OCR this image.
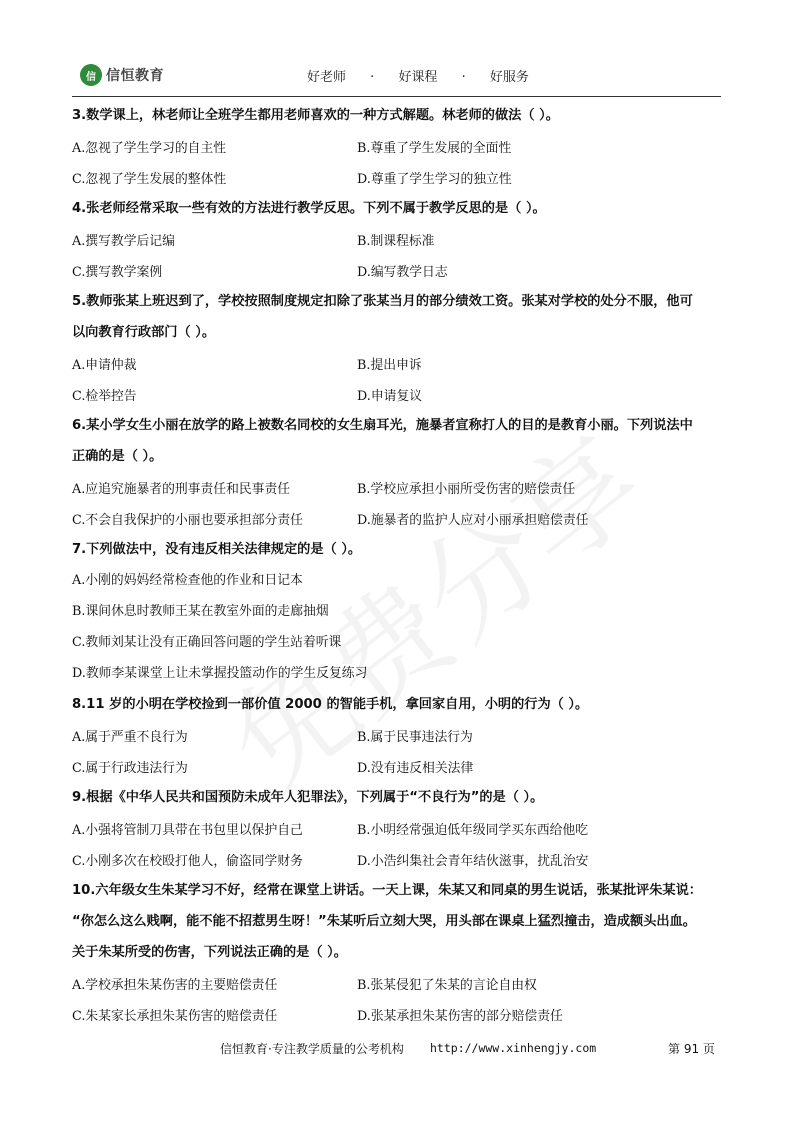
信 信恒教育	好老师 · 好课程 · 好服务

3.数学课上，林老师让全班学生都用老师喜欢的一种方式解题。林老师的做法（ ）。

A.忽视了学生学习的自主性	B.尊重了学生发展的全面性
C.忽视了学生发展的整体性	D.尊重了学生学习的独立性

4.张老师经常采取一些有效的方法进行教学反思。下列不属于教学反思的是（ ）。

A.撰写教学后记编	B.制课程标准
C.撰写教学案例	D.编写教学日志

5.教师张某上班迟到了，学校按照制度规定扣除了张某当月的部分绩效工资。张某对学校的处分不服，他可

以向教育行政部门（ ）。

A.申请仲裁	B.提出申诉
C.检举控告	D.申请复议

6.某小学女生小丽在放学的路上被数名同校的女生扇耳光，施暴者宣称打人的目的是教育小丽。下列说法中

正确的是（ ）。

A.应追究施暴者的刑事责任和民事责任	B.学校应承担小丽所受伤害的赔偿责任
C.不会自我保护的小丽也要承担部分责任	D.施暴者的监护人应对小丽承担赔偿责任

7.下列做法中，没有违反相关法律规定的是（ ）。

A.小刚的妈妈经常检查他的作业和日记本
B.课间休息时教师王某在教室外面的走廊抽烟
C.教师刘某让没有正确回答问题的学生站着听课
D.教师李某课堂上让未掌握投篮动作的学生反复练习

8.11 岁的小明在学校捡到一部价值 2000 的智能手机，拿回家自用，小明的行为（ ）。

A.属于严重不良行为	B.属于民事违法行为
C.属于行政违法行为	D.没有违反相关法律

9.根据《中华人民共和国预防未成年人犯罪法》，下列属于“不良行为”的是（ ）。

A.小强将管制刀具带在书包里以保护自己	B.小明经常强迫低年级同学买东西给他吃
C.小刚多次在校殴打他人，偷盗同学财务	D.小浩纠集社会青年结伙滋事，扰乱治安

10.六年级女生朱某学习不好，经常在课堂上讲话。一天上课，朱某又和同桌的男生说话，张某批评朱某说：

“你怎么这么贱啊，能不能不招惹男生呀！”朱某听后立刻大哭，用头部在课桌上猛烈撞击，造成额头出血。

关于朱某所受的伤害，下列说法正确的是（ ）。

A.学校承担朱某伤害的主要赔偿责任	B.张某侵犯了朱某的言论自由权
C.朱某家长承担朱某伤害的赔偿责任	D.张某承担朱某伤害的部分赔偿责任
信恒教育·专注教学质量的公考机构 http://www.xinhengjy.com	第 91 页
